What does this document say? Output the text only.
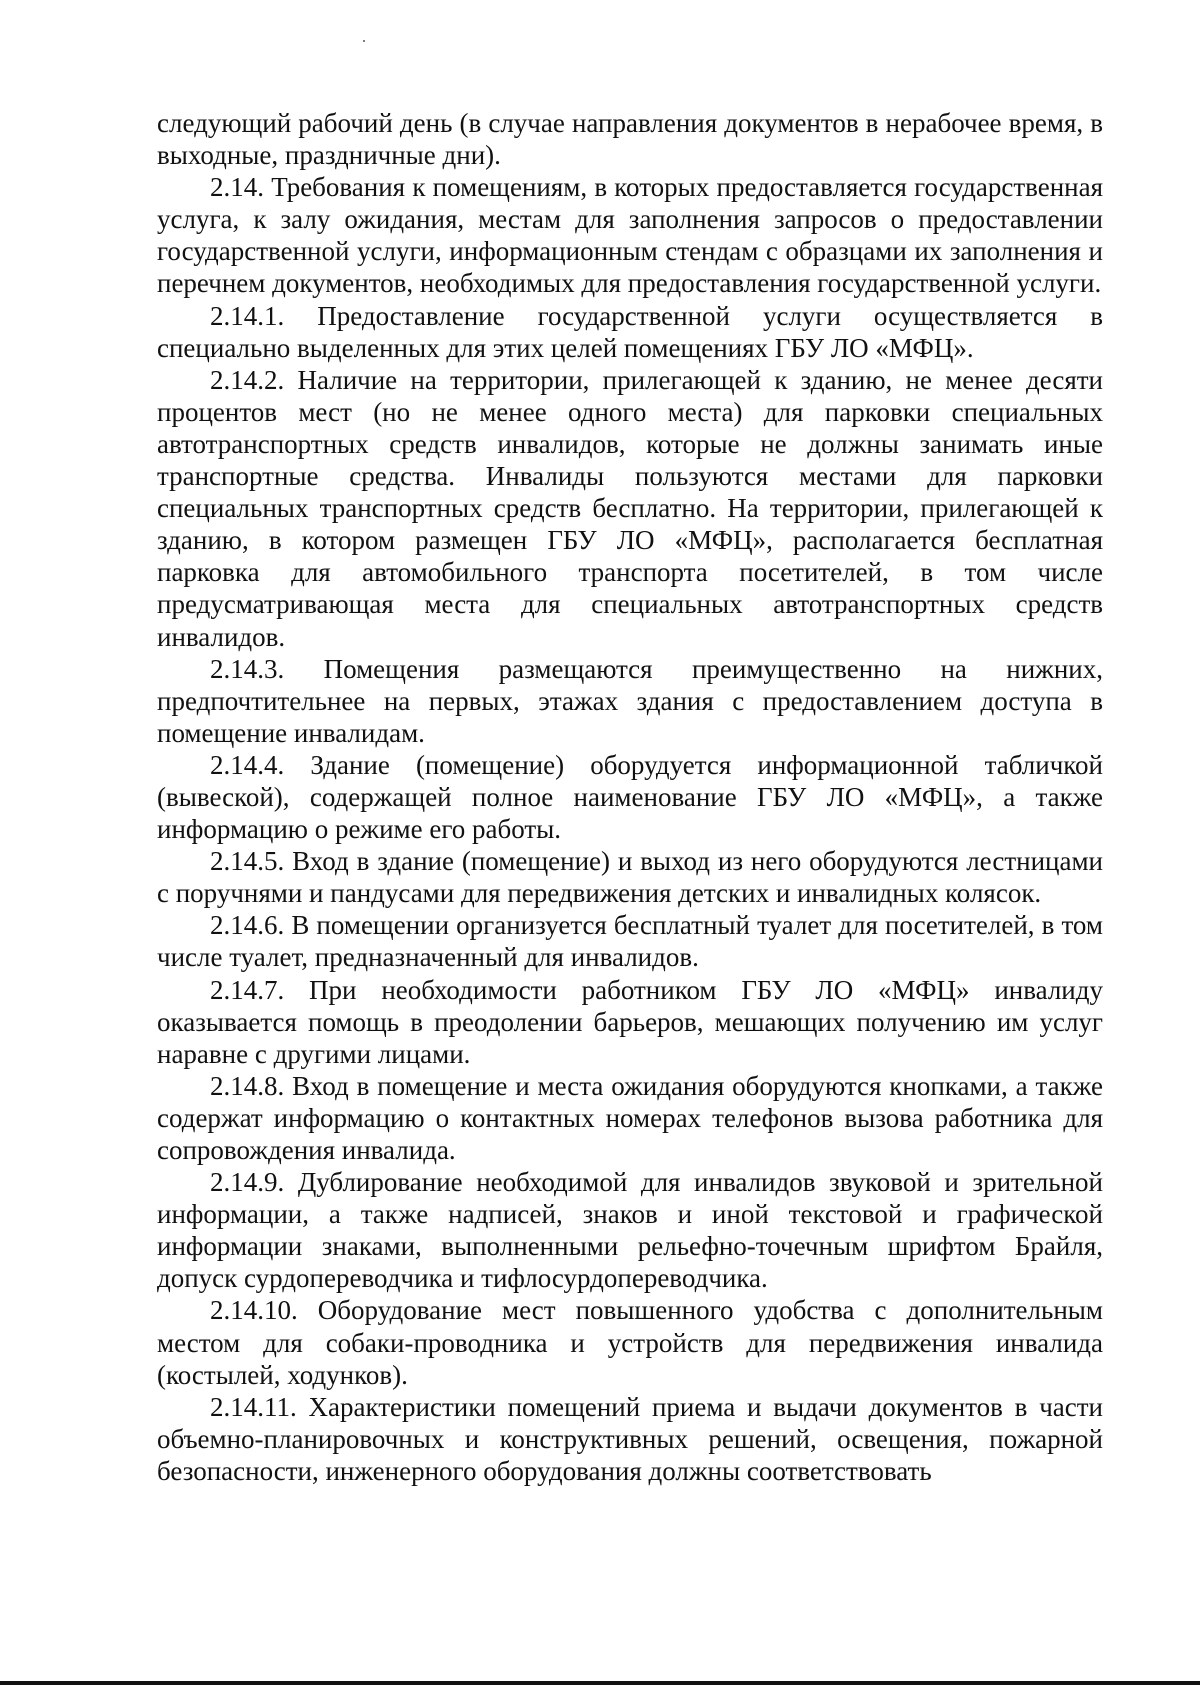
следующий рабочий день (в случае направления документов в нерабочее время, в выходные, праздничные дни).

2.14. Требования к помещениям, в которых предоставляется государственная услуга, к залу ожидания, местам для заполнения запросов о предоставлении государственной услуги, информационным стендам с образцами их заполнения и перечнем документов, необходимых для предоставления государственной услуги.

2.14.1. Предоставление государственной услуги осуществляется в специально выделенных для этих целей помещениях ГБУ ЛО «МФЦ».

2.14.2. Наличие на территории, прилегающей к зданию, не менее десяти процентов мест (но не менее одного места) для парковки специальных автотранспортных средств инвалидов, которые не должны занимать иные транспортные средства. Инвалиды пользуются местами для парковки специальных транспортных средств бесплатно. На территории, прилегающей к зданию, в котором размещен ГБУ ЛО «МФЦ», располагается бесплатная парковка для автомобильного транспорта посетителей, в том числе предусматривающая места для специальных автотранспортных средств инвалидов.

2.14.3. Помещения размещаются преимущественно на нижних, предпочтительнее на первых, этажах здания с предоставлением доступа в помещение инвалидам.

2.14.4. Здание (помещение) оборудуется информационной табличкой (вывеской), содержащей полное наименование ГБУ ЛО «МФЦ», а также информацию о режиме его работы.

2.14.5. Вход в здание (помещение) и выход из него оборудуются лестницами с поручнями и пандусами для передвижения детских и инвалидных колясок.

2.14.6. В помещении организуется бесплатный туалет для посетителей, в том числе туалет, предназначенный для инвалидов.

2.14.7. При необходимости работником ГБУ ЛО «МФЦ» инвалиду оказывается помощь в преодолении барьеров, мешающих получению им услуг наравне с другими лицами.

2.14.8. Вход в помещение и места ожидания оборудуются кнопками, а также содержат информацию о контактных номерах телефонов вызова работника для сопровождения инвалида.

2.14.9. Дублирование необходимой для инвалидов звуковой и зрительной информации, а также надписей, знаков и иной текстовой и графической информации знаками, выполненными рельефно-точечным шрифтом Брайля, допуск сурдопереводчика и тифлосурдопереводчика.

2.14.10. Оборудование мест повышенного удобства с дополнительным местом для собаки-проводника и устройств для передвижения инвалида (костылей, ходунков).

2.14.11. Характеристики помещений приема и выдачи документов в части объемно-планировочных и конструктивных решений, освещения, пожарной безопасности, инженерного оборудования должны соответствовать
